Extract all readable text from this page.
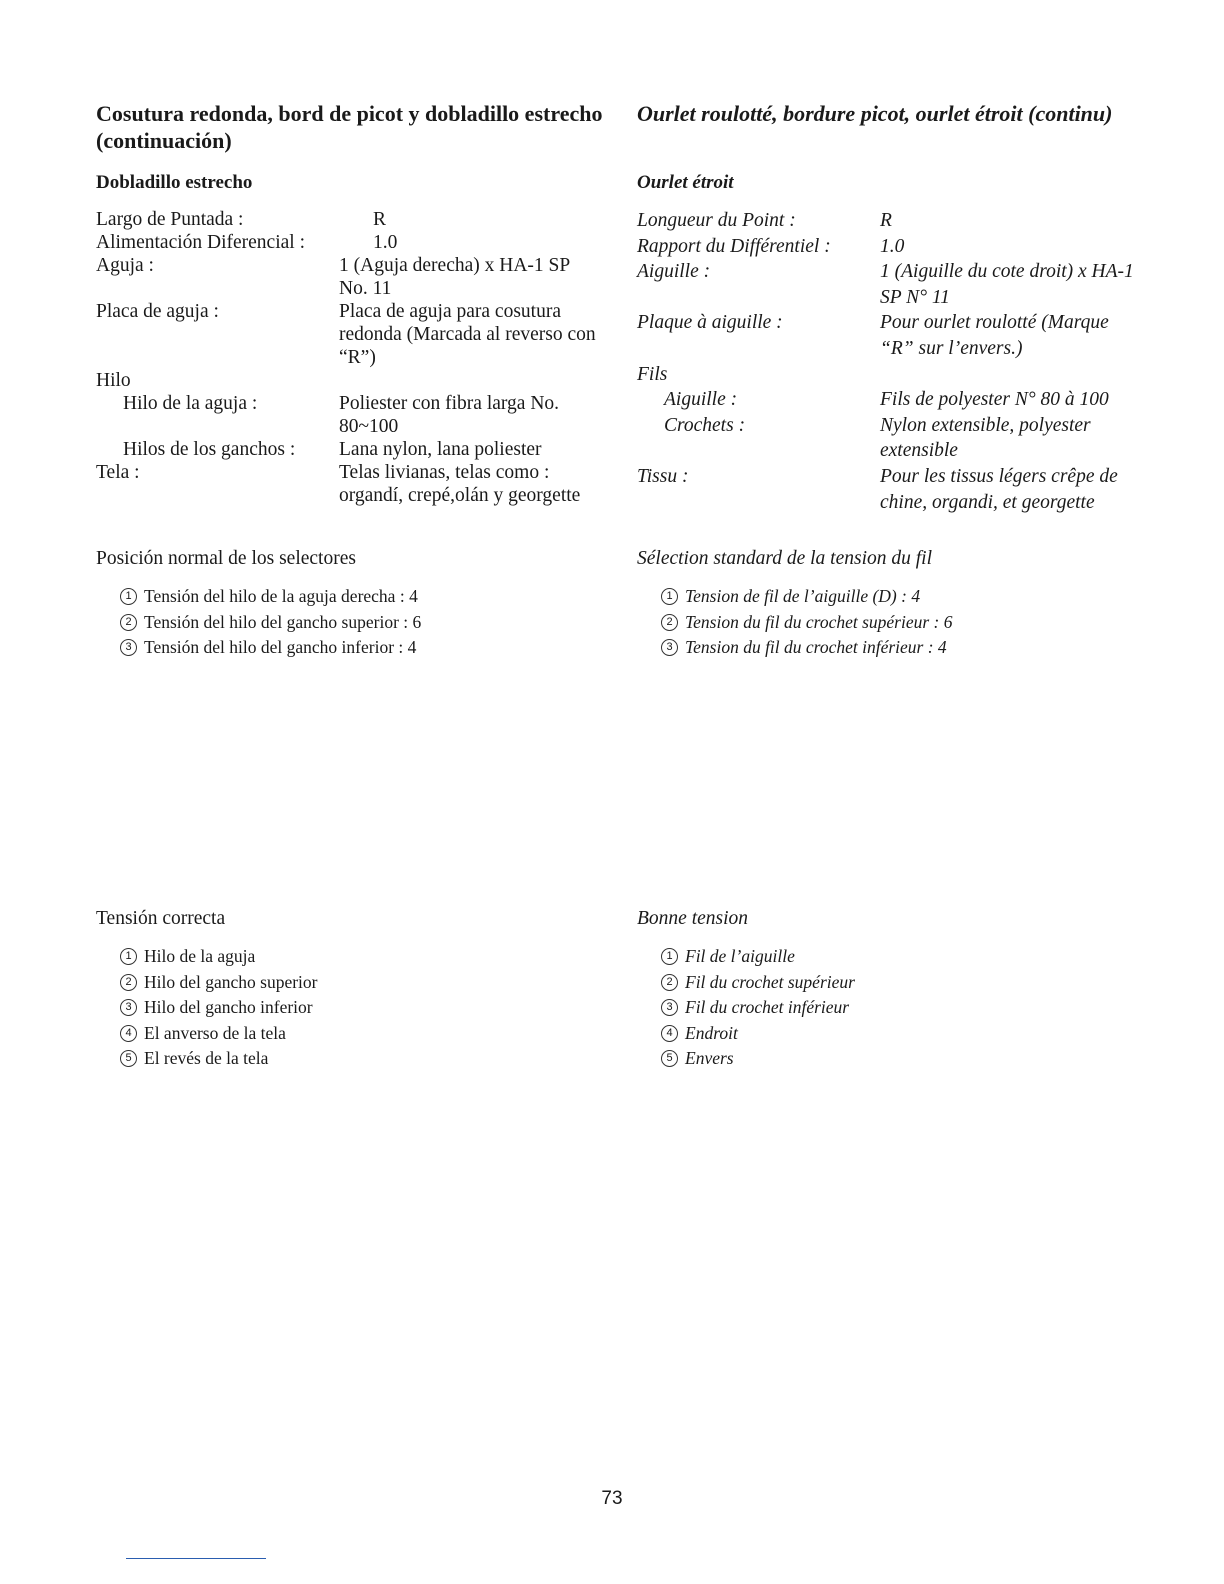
Cosutura redonda, bord de picot y dobladillo estrecho (continuación)
Dobladillo estrecho
Largo de Puntada :	R
Alimentación Diferencial :	1.0
Aguja :	1 (Aguja derecha) x HA-1 SP No. 11
Placa de aguja :	Placa de aguja para cosutura redonda (Marcada al reverso con “R”)
Hilo
Hilo de la aguja :	Poliester con fibra larga No. 80~100
Hilos de los ganchos :	Lana nylon, lana poliester
Tela :	Telas livianas, telas como : organdí, crepé,olán y georgette

Posición normal de los selectores

1 Tensión del hilo de la aguja derecha : 4
2 Tensión del hilo del gancho superior : 6
3 Tensión del hilo del gancho inferior : 4

Tensión correcta

1 Hilo de la aguja
2 Hilo del gancho superior
3 Hilo del gancho inferior
4 El anverso de la tela
5 El revés de la tela
Ourlet roulotté, bordure picot, ourlet étroit (continu)
Ourlet étroit
Longueur du Point :	R
Rapport du Différentiel :	1.0
Aiguille :	1 (Aiguille du cote droit) x HA-1 SP N° 11
Plaque à aiguille :	Pour ourlet roulotté (Marque “R” sur l’envers.)
Fils
Aiguille :	Fils de polyester N° 80 à 100
Crochets :	Nylon extensible, polyester extensible
Tissu :	Pour les tissus légers crêpe de chine, organdi, et georgette

Sélection standard de la tension du fil

1 Tension de fil de l’aiguille (D) : 4
2 Tension du fil du crochet supérieur : 6
3 Tension du fil du crochet inférieur : 4

Bonne tension

1 Fil de l’aiguille
2 Fil du crochet supérieur
3 Fil du crochet inférieur
4 Endroit
5 Envers
73
